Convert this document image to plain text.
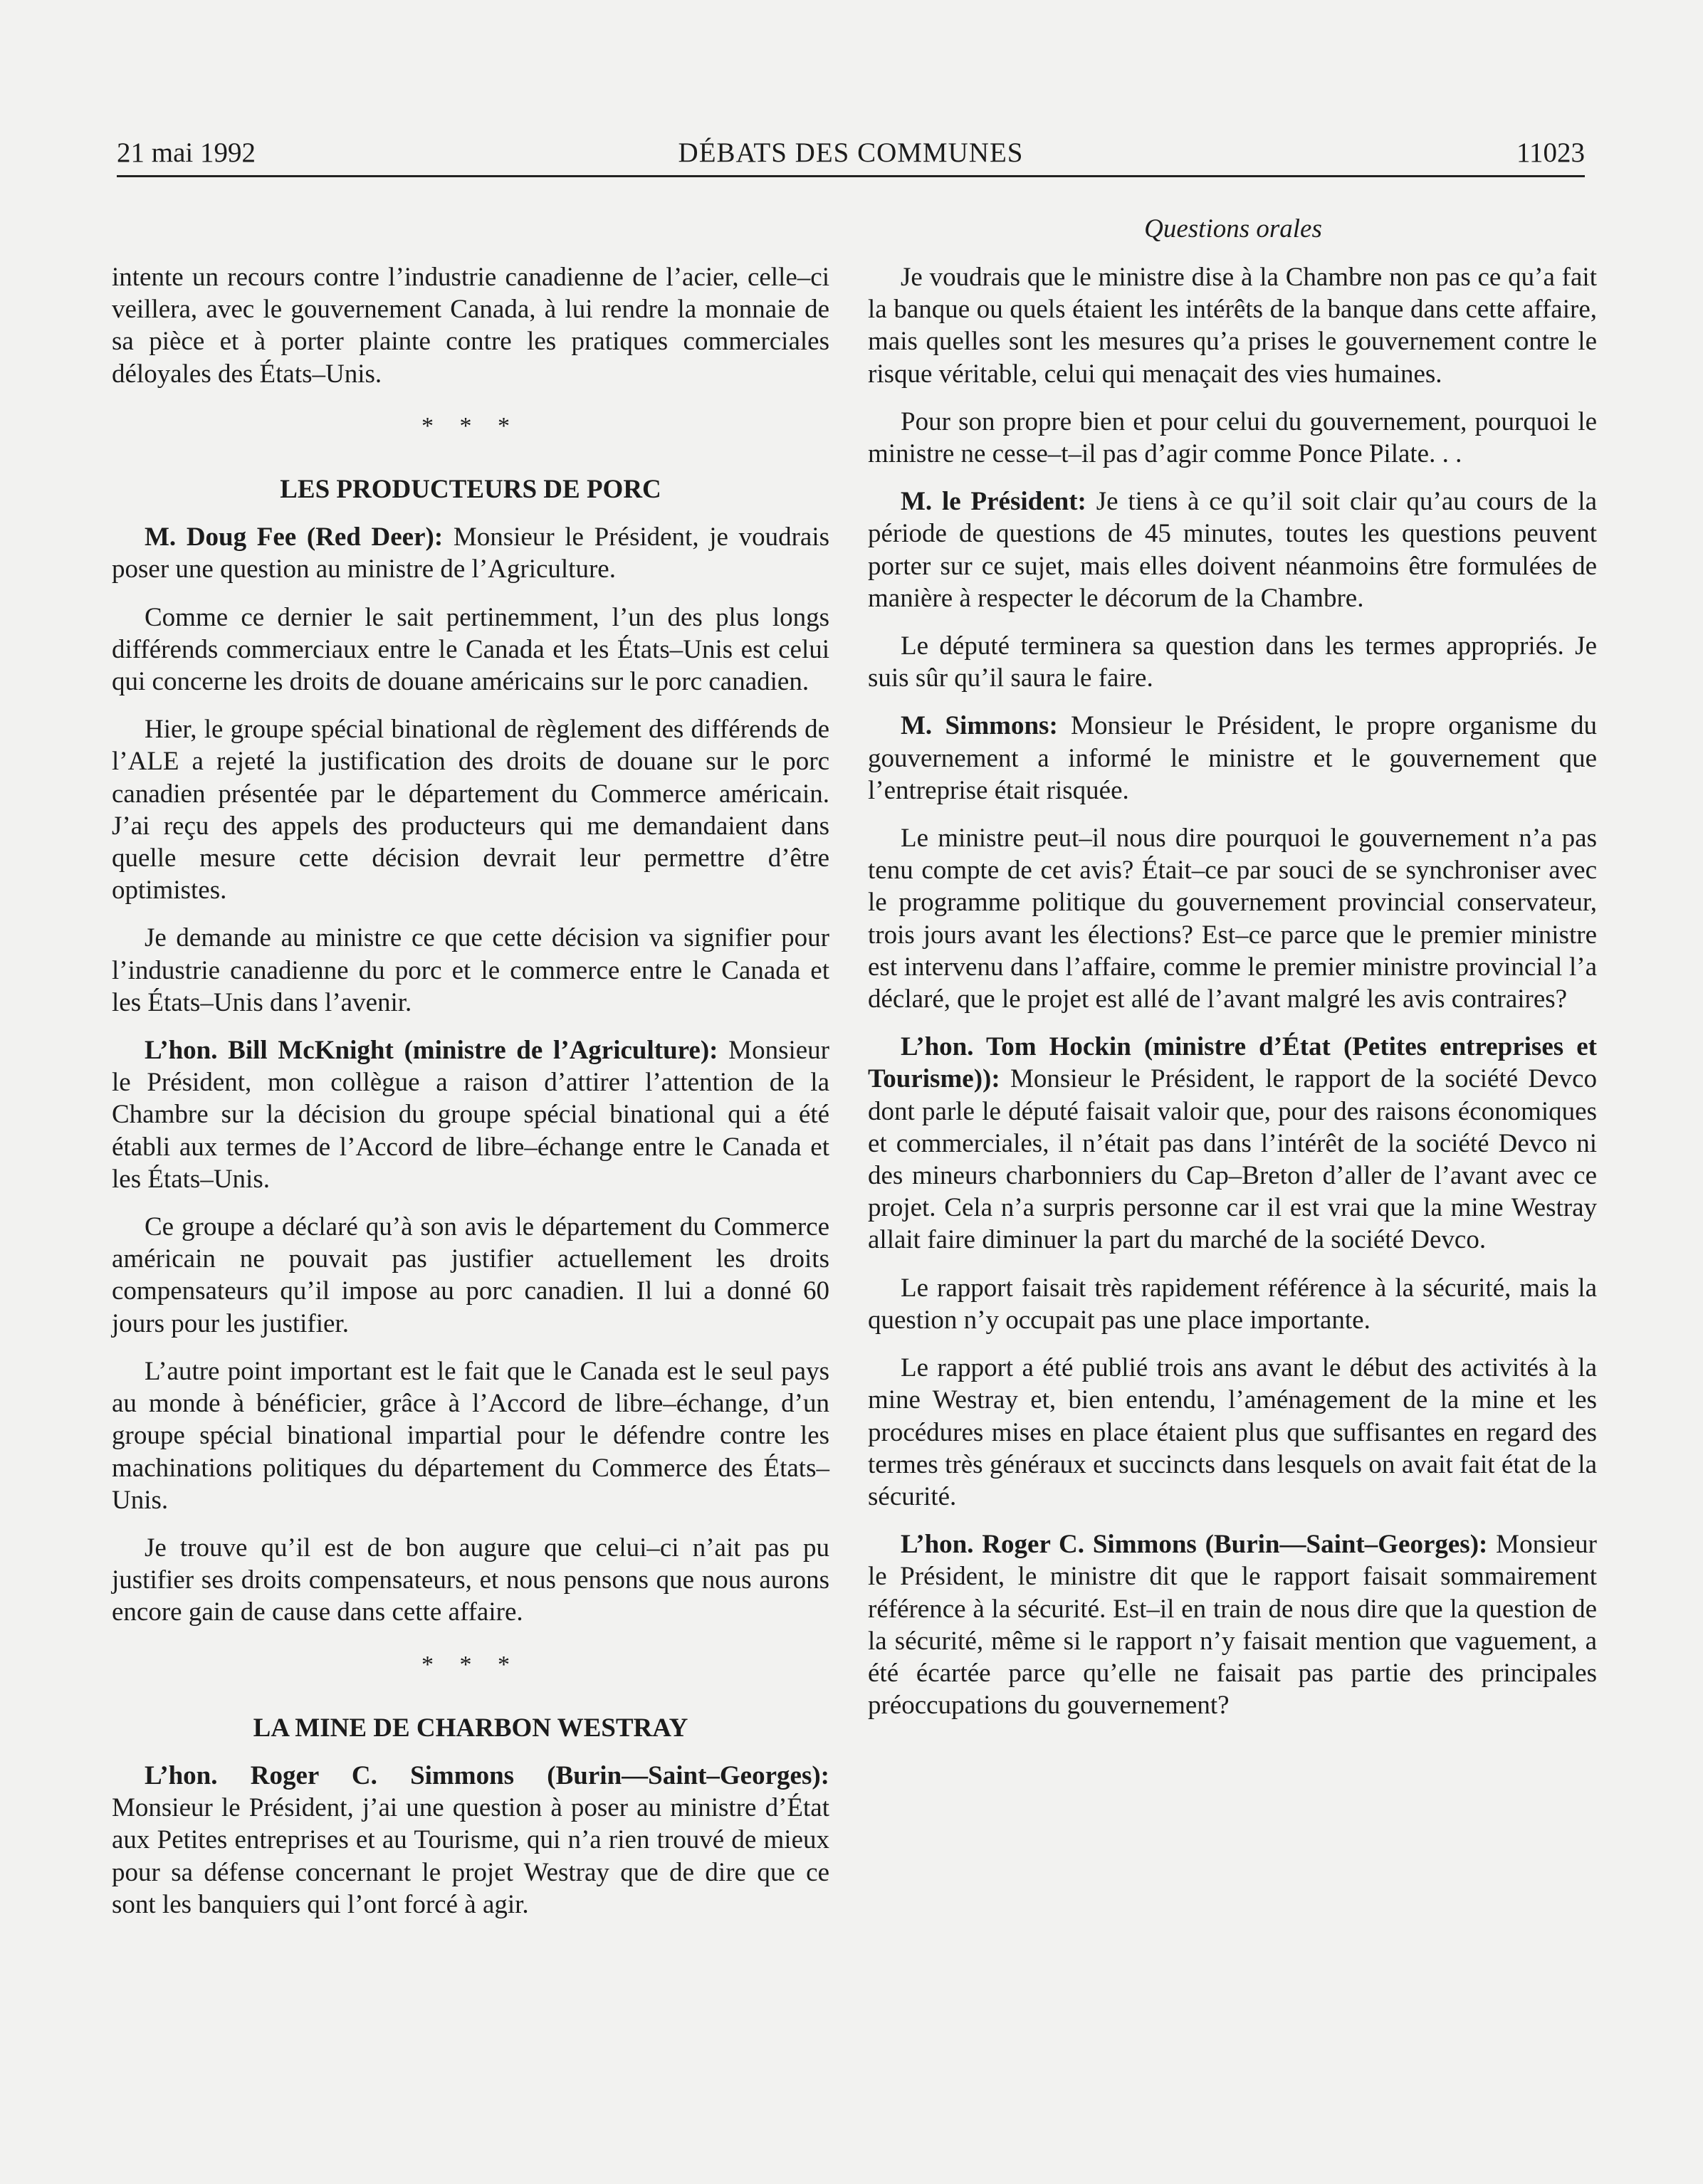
21 mai 1992	DÉBATS DES COMMUNES	11023
Questions orales

intente un recours contre l’industrie canadienne de l’acier, celle–ci veillera, avec le gouvernement Canada, à lui rendre la monnaie de sa pièce et à porter plainte contre les pratiques commerciales déloyales des États–Unis.

* * *
LES PRODUCTEURS DE PORC

M. Doug Fee (Red Deer): Monsieur le Président, je voudrais poser une question au ministre de l’Agriculture.

Comme ce dernier le sait pertinemment, l’un des plus longs différends commerciaux entre le Canada et les États–Unis est celui qui concerne les droits de douane américains sur le porc canadien.

Hier, le groupe spécial binational de règlement des différends de l’ALE a rejeté la justification des droits de douane sur le porc canadien présentée par le département du Commerce américain. J’ai reçu des appels des producteurs qui me demandaient dans quelle mesure cette décision devrait leur permettre d’être optimistes.

Je demande au ministre ce que cette décision va signifier pour l’industrie canadienne du porc et le commerce entre le Canada et les États–Unis dans l’avenir.

L’hon. Bill McKnight (ministre de l’Agriculture): Monsieur le Président, mon collègue a raison d’attirer l’attention de la Chambre sur la décision du groupe spécial binational qui a été établi aux termes de l’Accord de libre–échange entre le Canada et les États–Unis.

Ce groupe a déclaré qu’à son avis le département du Commerce américain ne pouvait pas justifier actuellement les droits compensateurs qu’il impose au porc canadien. Il lui a donné 60 jours pour les justifier.

L’autre point important est le fait que le Canada est le seul pays au monde à bénéficier, grâce à l’Accord de libre–échange, d’un groupe spécial binational impartial pour le défendre contre les machinations politiques du département du Commerce des États–Unis.

Je trouve qu’il est de bon augure que celui–ci n’ait pas pu justifier ses droits compensateurs, et nous pensons que nous aurons encore gain de cause dans cette affaire.

* * *
LA MINE DE CHARBON WESTRAY

L’hon. Roger C. Simmons (Burin—Saint–Georges): Monsieur le Président, j’ai une question à poser au ministre d’État aux Petites entreprises et au Tourisme, qui n’a rien trouvé de mieux pour sa défense concernant le projet Westray que de dire que ce sont les banquiers qui l’ont forcé à agir.

Je voudrais que le ministre dise à la Chambre non pas ce qu’a fait la banque ou quels étaient les intérêts de la banque dans cette affaire, mais quelles sont les mesures qu’a prises le gouvernement contre le risque véritable, celui qui menaçait des vies humaines.

Pour son propre bien et pour celui du gouvernement, pourquoi le ministre ne cesse–t–il pas d’agir comme Ponce Pilate. . .

M. le Président: Je tiens à ce qu’il soit clair qu’au cours de la période de questions de 45 minutes, toutes les questions peuvent porter sur ce sujet, mais elles doivent néanmoins être formulées de manière à respecter le décorum de la Chambre.

Le député terminera sa question dans les termes appropriés. Je suis sûr qu’il saura le faire.

M. Simmons: Monsieur le Président, le propre organisme du gouvernement a informé le ministre et le gouvernement que l’entreprise était risquée.

Le ministre peut–il nous dire pourquoi le gouvernement n’a pas tenu compte de cet avis? Était–ce par souci de se synchroniser avec le programme politique du gouvernement provincial conservateur, trois jours avant les élections? Est–ce parce que le premier ministre est intervenu dans l’affaire, comme le premier ministre provincial l’a déclaré, que le projet est allé de l’avant malgré les avis contraires?

L’hon. Tom Hockin (ministre d’État (Petites entreprises et Tourisme)): Monsieur le Président, le rapport de la société Devco dont parle le député faisait valoir que, pour des raisons économiques et commerciales, il n’était pas dans l’intérêt de la société Devco ni des mineurs charbonniers du Cap–Breton d’aller de l’avant avec ce projet. Cela n’a surpris personne car il est vrai que la mine Westray allait faire diminuer la part du marché de la société Devco.

Le rapport faisait très rapidement référence à la sécurité, mais la question n’y occupait pas une place importante.

Le rapport a été publié trois ans avant le début des activités à la mine Westray et, bien entendu, l’aménagement de la mine et les procédures mises en place étaient plus que suffisantes en regard des termes très généraux et succincts dans lesquels on avait fait état de la sécurité.

L’hon. Roger C. Simmons (Burin—Saint–Georges): Monsieur le Président, le ministre dit que le rapport faisait sommairement référence à la sécurité. Est–il en train de nous dire que la question de la sécurité, même si le rapport n’y faisait mention que vaguement, a été écartée parce qu’elle ne faisait pas partie des principales préoccupations du gouvernement?
